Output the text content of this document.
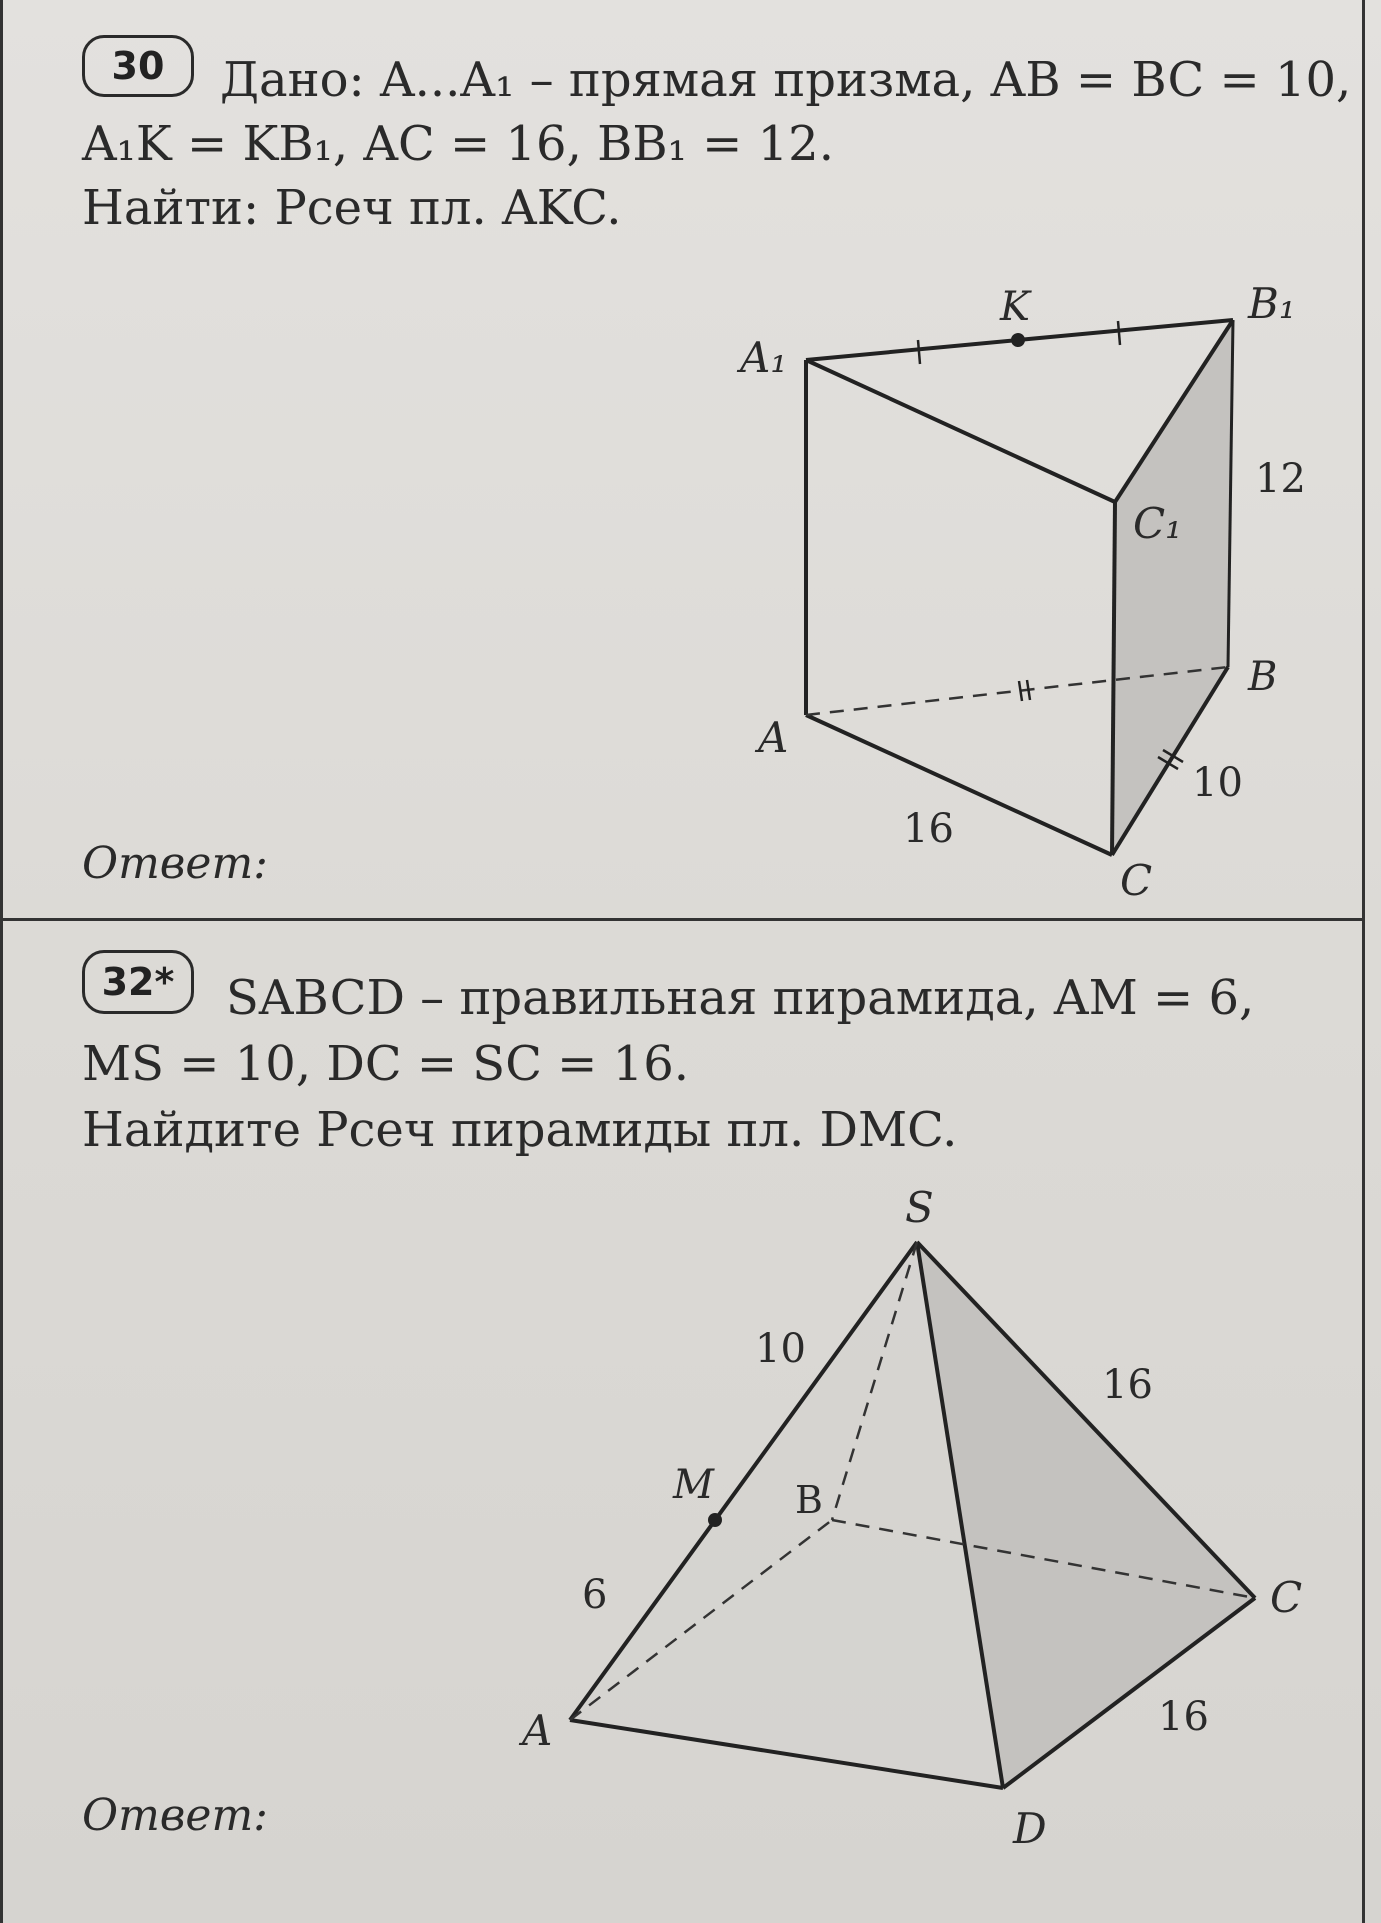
30	Дано: A...A₁ – прямая призма, AB = BC = 10,
A₁K = KB₁, AC = 16, BB₁ = 12.
Найти: Pсеч пл. AKC.
Ответ:
32*	SABCD – правильная пирамида, AM = 6,
MS = 10, DC = SC = 16.
Найдите Pсеч пирамиды пл. DMC.
Ответ:
A₁
K	B₁
C₁
A
B
C
12
10
16
S
M B
A
C
D
10
6
16
16
